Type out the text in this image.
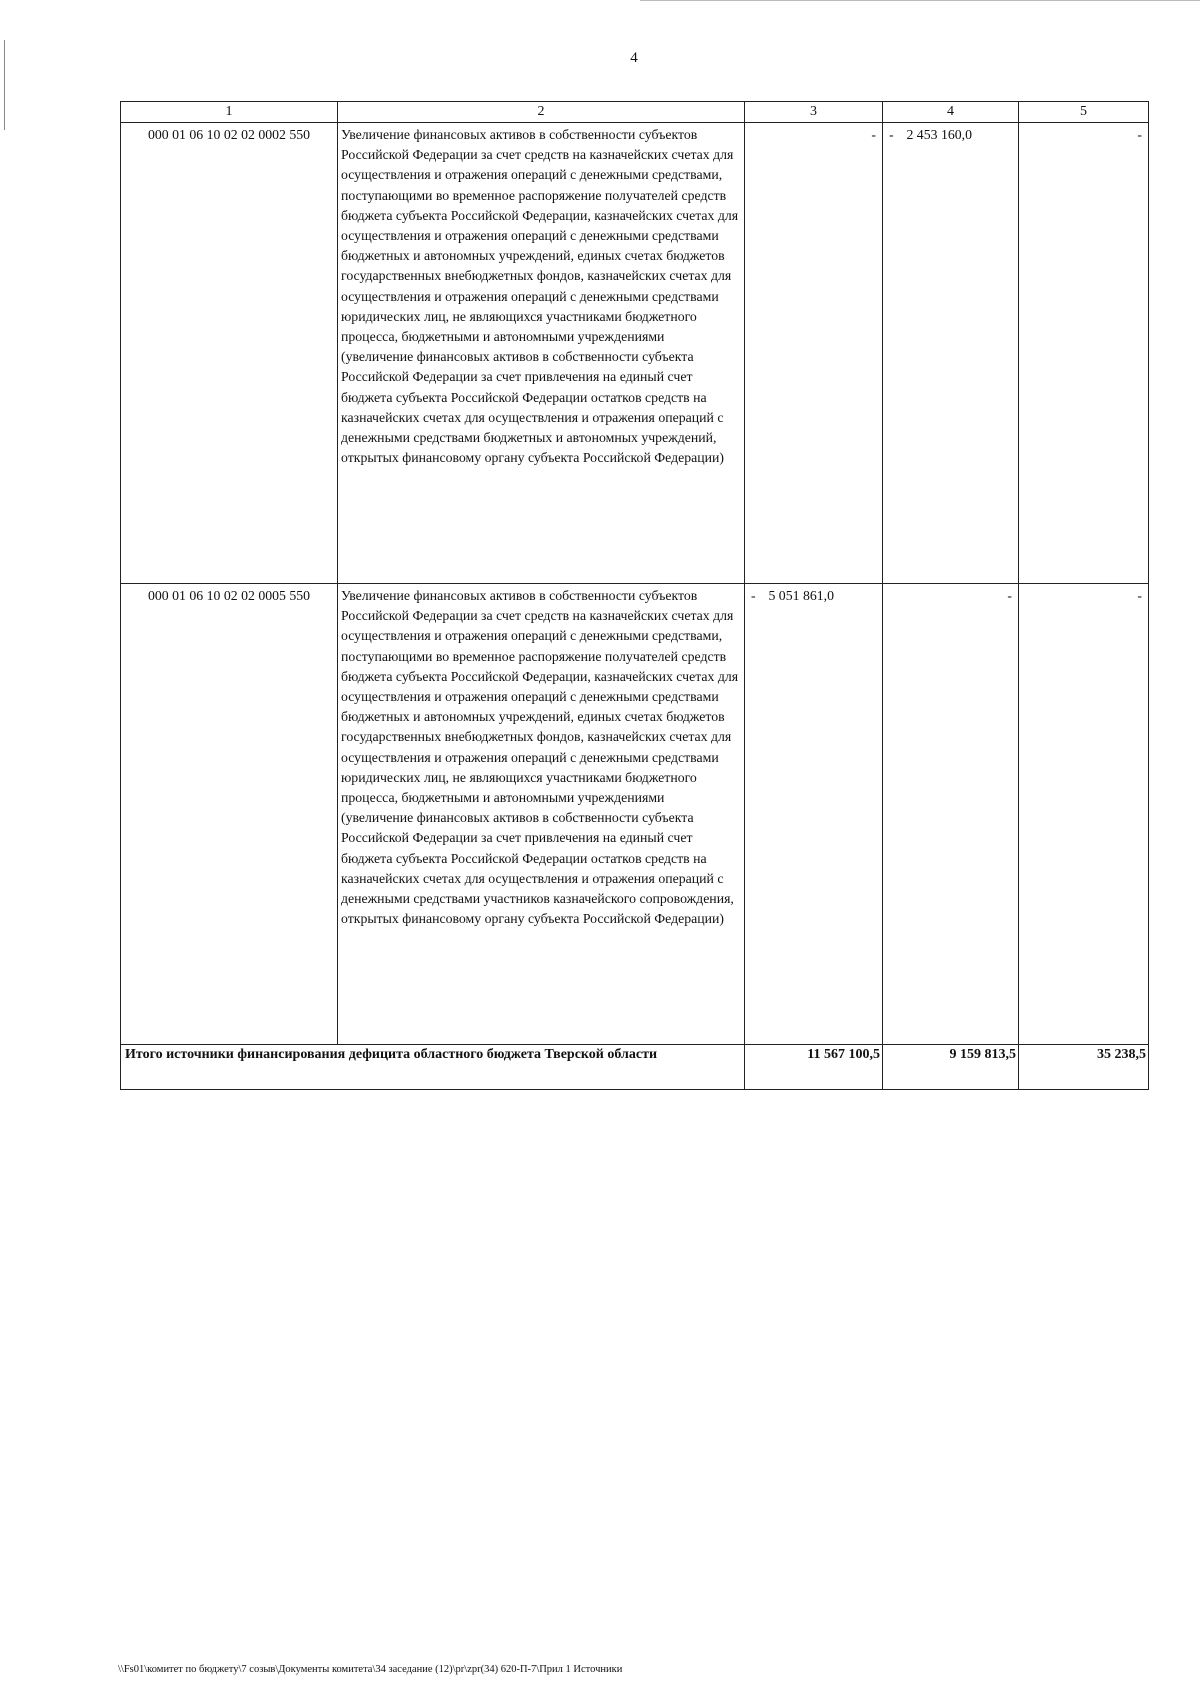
4
1	2	3	4	5
000 01 06 10 02 02 0002 550	Увеличение финансовых активов в собственности субъектов Российской Федерации за счет средств на казначейских счетах для осуществления и отражения операций с денежными средствами, поступающими во временное распоряжение получателей средств бюджета субъекта Российской Федерации, казначейских счетах для осуществления и отражения операций с денежными средствами бюджетных и автономных учреждений, единых счетах бюджетов государственных внебюджетных фондов, казначейских счетах для осуществления и отражения операций с денежными средствами юридических лиц, не являющихся участниками бюджетного процесса, бюджетными и автономными учреждениями (увеличение финансовых активов в собственности субъекта Российской Федерации за счет привлечения на единый счет бюджета субъекта Российской Федерации остатков средств на казначейских счетах для осуществления и отражения операций с денежными средствами бюджетных и автономных учреждений, открытых финансовому органу субъекта Российской Федерации)	-	- 2 453 160,0	-
000 01 06 10 02 02 0005 550	Увеличение финансовых активов в собственности субъектов Российской Федерации за счет средств на казначейских счетах для осуществления и отражения операций с денежными средствами, поступающими во временное распоряжение получателей средств бюджета субъекта Российской Федерации, казначейских счетах для осуществления и отражения операций с денежными средствами бюджетных и автономных учреждений, единых счетах бюджетов государственных внебюджетных фондов, казначейских счетах для осуществления и отражения операций с денежными средствами юридических лиц, не являющихся участниками бюджетного процесса, бюджетными и автономными учреждениями (увеличение финансовых активов в собственности субъекта Российской Федерации за счет привлечения на единый счет бюджета субъекта Российской Федерации остатков средств на казначейских счетах для осуществления и отражения операций с денежными средствами участников казначейского сопровождения, открытых финансовому органу субъекта Российской Федерации)	- 5 051 861,0	-	-
Итого источники финансирования дефицита областного бюджета Тверской области		11 567 100,5	9 159 813,5	35 238,5
\\Fs01\комитет по бюджету\7 созыв\Документы комитета\34 заседание (12)\pr\zpr(34) 620-П-7\Прил 1 Источники
